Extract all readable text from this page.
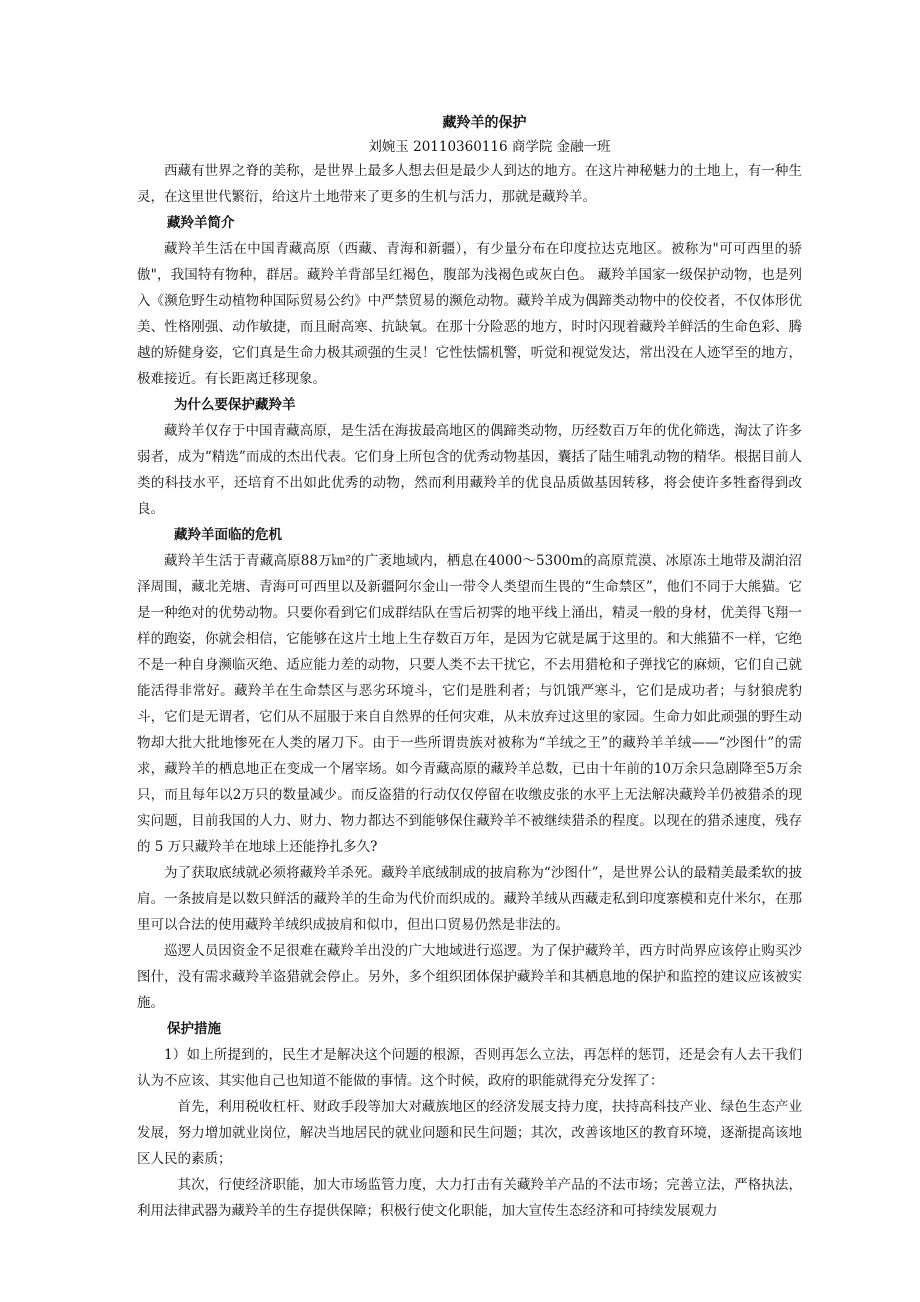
藏羚羊的保护
刘婉玉 20110360116 商学院 金融一班

西藏有世界之脊的美称，是世界上最多人想去但是最少人到达的地方。在这片神秘魅力的土地上，有一种生灵，在这里世代繁衍，给这片土地带来了更多的生机与活力，那就是藏羚羊。

藏羚羊简介

藏羚羊生活在中国青藏高原（西藏、青海和新疆），有少量分布在印度拉达克地区。被称为"可可西里的骄傲"，我国特有物种，群居。藏羚羊背部呈红褐色，腹部为浅褐色或灰白色。 藏羚羊国家一级保护动物，也是列入《濒危野生动植物种国际贸易公约》中严禁贸易的濒危动物。藏羚羊成为偶蹄类动物中的佼佼者，不仅体形优美、性格刚强、动作敏捷，而且耐高寒、抗缺氧。在那十分险恶的地方，时时闪现着藏羚羊鲜活的生命色彩、腾越的矫健身姿，它们真是生命力极其顽强的生灵！它性怯懦机警，听觉和视觉发达，常出没在人迹罕至的地方，极难接近。有长距离迁移现象。

为什么要保护藏羚羊

藏羚羊仅存于中国青藏高原，是生活在海拔最高地区的偶蹄类动物，历经数百万年的优化筛选，淘汰了许多弱者，成为“精选”而成的杰出代表。它们身上所包含的优秀动物基因，囊括了陆生哺乳动物的精华。根据目前人类的科技水平，还培育不出如此优秀的动物，然而利用藏羚羊的优良品质做基因转移，将会使许多牲畜得到改良。

藏羚羊面临的危机

藏羚羊生活于青藏高原88万㎞²的广袤地域内，栖息在4000～5300m的高原荒漠、冰原冻土地带及湖泊沼泽周围，藏北羌塘、青海可可西里以及新疆阿尔金山一带令人类望而生畏的“生命禁区”，他们不同于大熊猫。它是一种绝对的优势动物。只要你看到它们成群结队在雪后初霁的地平线上涌出，精灵一般的身材，优美得飞翔一样的跑姿，你就会相信，它能够在这片土地上生存数百万年，是因为它就是属于这里的。和大熊猫不一样，它绝不是一种自身濒临灭绝、适应能力差的动物，只要人类不去干扰它，不去用猎枪和子弹找它的麻烦，它们自己就能活得非常好。藏羚羊在生命禁区与恶劣环境斗，它们是胜利者；与饥饿严寒斗，它们是成功者；与豺狼虎豹斗，它们是无谓者，它们从不屈服于来自自然界的任何灾难，从未放弃过这里的家园。生命力如此顽强的野生动物却大批大批地惨死在人类的屠刀下。由于一些所谓贵族对被称为“羊绒之王”的藏羚羊羊绒——“沙图什”的需求，藏羚羊的栖息地正在变成一个屠宰场。如今青藏高原的藏羚羊总数，已由十年前的10万余只急剧降至5万余只，而且每年以2万只的数量减少。而反盗猎的行动仅仅停留在收缴皮张的水平上无法解决藏羚羊仍被猎杀的现实问题，目前我国的人力、财力、物力都达不到能够保住藏羚羊不被继续猎杀的程度。以现在的猎杀速度，残存的 5 万只藏羚羊在地球上还能挣扎多久?

为了获取底绒就必须将藏羚羊杀死。藏羚羊底绒制成的披肩称为“沙图什”，是世界公认的最精美最柔软的披肩。一条披肩是以数只鲜活的藏羚羊的生命为代价而织成的。藏羚羊绒从西藏走私到印度寨模和克什米尔，在那里可以合法的使用藏羚羊绒织成披肩和似巾，但出口贸易仍然是非法的。

巡逻人员因资金不足很难在藏羚羊出没的广大地域进行巡逻。为了保护藏羚羊，西方时尚界应该停止购买沙图什，没有需求藏羚羊盗猎就会停止。另外，多个组织团体保护藏羚羊和其栖息地的保护和监控的建议应该被实施。

保护措施

1）如上所提到的，民生才是解决这个问题的根源，否则再怎么立法，再怎样的惩罚，还是会有人去干我们认为不应该、其实他自己也知道不能做的事情。这个时候，政府的职能就得充分发挥了：

首先，利用税收杠杆、财政手段等加大对藏族地区的经济发展支持力度，扶持高科技产业、绿色生态产业发展，努力增加就业岗位，解决当地居民的就业问题和民生问题；其次，改善该地区的教育环境，逐渐提高该地区人民的素质；

其次，行使经济职能，加大市场监管力度，大力打击有关藏羚羊产品的不法市场；完善立法，严格执法，利用法律武器为藏羚羊的生存提供保障；积极行使文化职能，加大宣传生态经济和可持续发展观力
